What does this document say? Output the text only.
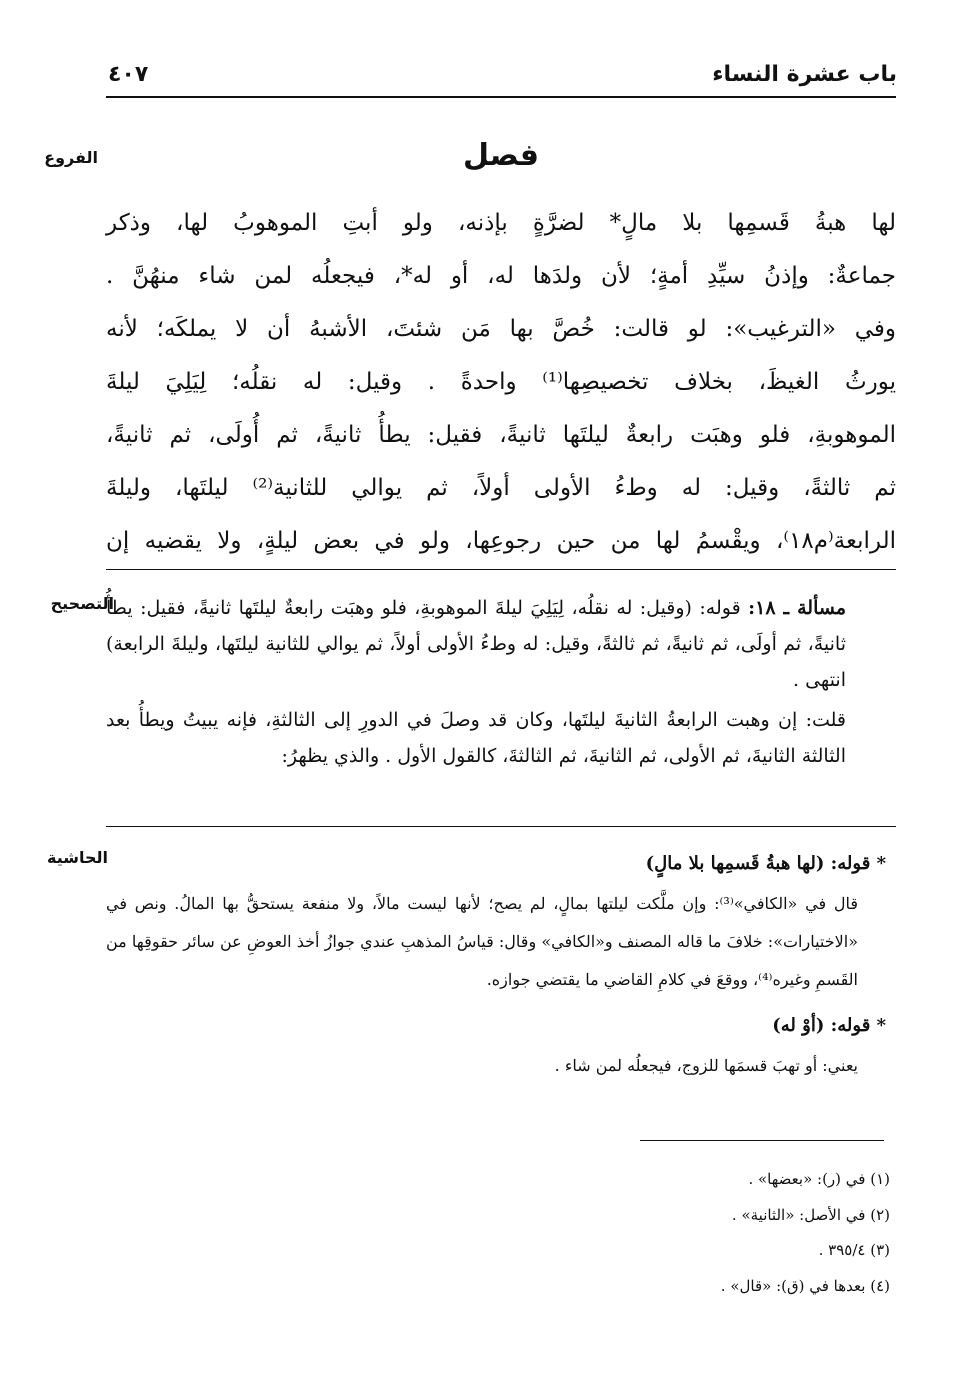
باب عشرة النساء
٤٠٧
الفروع	فصل

لها هبةُ قَسمِها بلا مالٍ* لضرَّةٍ بإذنه، ولو أبتِ الموهوبُ لها، وذكر

جماعةٌ: وإذنُ سيِّدِ أمةٍ؛ لأن ولدَها له، أو له*، فيجعلُه لمن شاء منهُنَّ .

وفي «الترغيب»: لو قالت: خُصَّ بها مَن شئتَ، الأشبهُ أن لا يملكَه؛ لأنه

يورثُ الغيظَ، بخلاف تخصيصِها⁽¹⁾ واحدةً . وقيل: له نقلُه؛ لِيَلِيَ ليلةَ

الموهوبةِ، فلو وهبَت رابعةٌ ليلتَها ثانيةً، فقيل: يطأُ ثانيةً، ثم أُولَى، ثم ثانيةً،

ثم ثالثةً، وقيل: له وطءُ الأولى أولاً، ثم يوالي للثانية⁽²⁾ ليلتَها، وليلةَ

الرابعة⁽م١٨⁾، ويقْسمُ لها من حين رجوعِها، ولو في بعض ليلةٍ، ولا يقضيه إن

التصحيح	مسألة ـ ١٨: قوله: (وقيل: له نقلُه، لِيَلِيَ ليلةَ الموهوبةِ، فلو وهبَت رابعةٌ ليلتَها ثانيةً، فقيل: يطأُ ثانيةً، ثم أولَى، ثم ثانيةً، ثم ثالثةً، وقيل: له وطءُ الأولى أولاً، ثم يوالي للثانية ليلتَها، وليلةَ الرابعة) انتهى .

قلت: إن وهبت الرابعةُ الثانيةَ ليلتَها، وكان قد وصلَ في الدورِ إلى الثالثةِ، فإنه يبيتُ ويطأُ بعد الثالثة الثانيةَ، ثم الأولى، ثم الثانيةَ، ثم الثالثةَ، كالقول الأول . والذي يظهرُ:

الحاشية	* قوله: (لها هبةُ قَسمِها بلا مالٍ)

قال في «الكافي»⁽³⁾: وإن ملَّكت ليلتها بمالٍ، لم يصح؛ لأنها ليست مالاً، ولا منفعة يستحقُّ بها المالُ. ونص في «الاختيارات»: خلافَ ما قاله المصنف و«الكافي» وقال: قياسُ المذهبِ عندي جوازُ أخذ العوضِ عن سائر حقوقِها من القَسمِ وغيره⁽⁴⁾، ووقعَ في كلامِ القاضي ما يقتضي جوازه.

* قوله: (أوْ له)

يعني: أو تهبَ قسمَها للزوج، فيجعلُه لمن شاء .

(١) في (ر): «بعضها» .
(٢) في الأصل: «الثانية» .
(٣) ٣٩٥/٤ .
(٤) بعدها في (ق): «قال» .
